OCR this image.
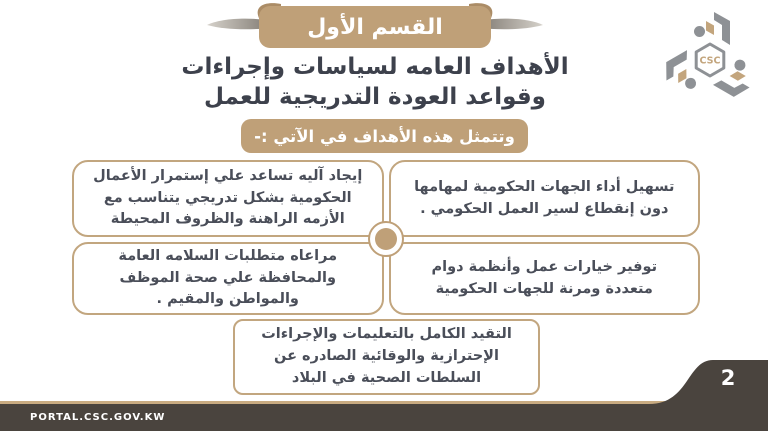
القسم الأول
CSC
الأهداف العامه لسياسات وإجراءات
وقواعد العودة التدريجية للعمل
وتتمثل هذه الأهداف في الآتي :-
تسهيل أداء الجهات الحكومية لمهامها دون إنقطاع لسير العمل الحكومي .
إيجاد آليه تساعد علي إستمرار الأعمال الحكومية بشكل تدريجي يتناسب مع الأزمه الراهنة والظروف المحيطة
توفير خيارات عمل وأنظمة دوام متعددة ومرنة للجهات الحكومية
مراعاه متطلبات السلامه العامة والمحافظة علي صحة الموظف والمواطن والمقيم .
التقيد الكامل بالتعليمات والإجراءات الإحترازية والوقائية الصادره عن السلطات الصحية في البلاد
PORTAL.CSC.GOV.KW
2
